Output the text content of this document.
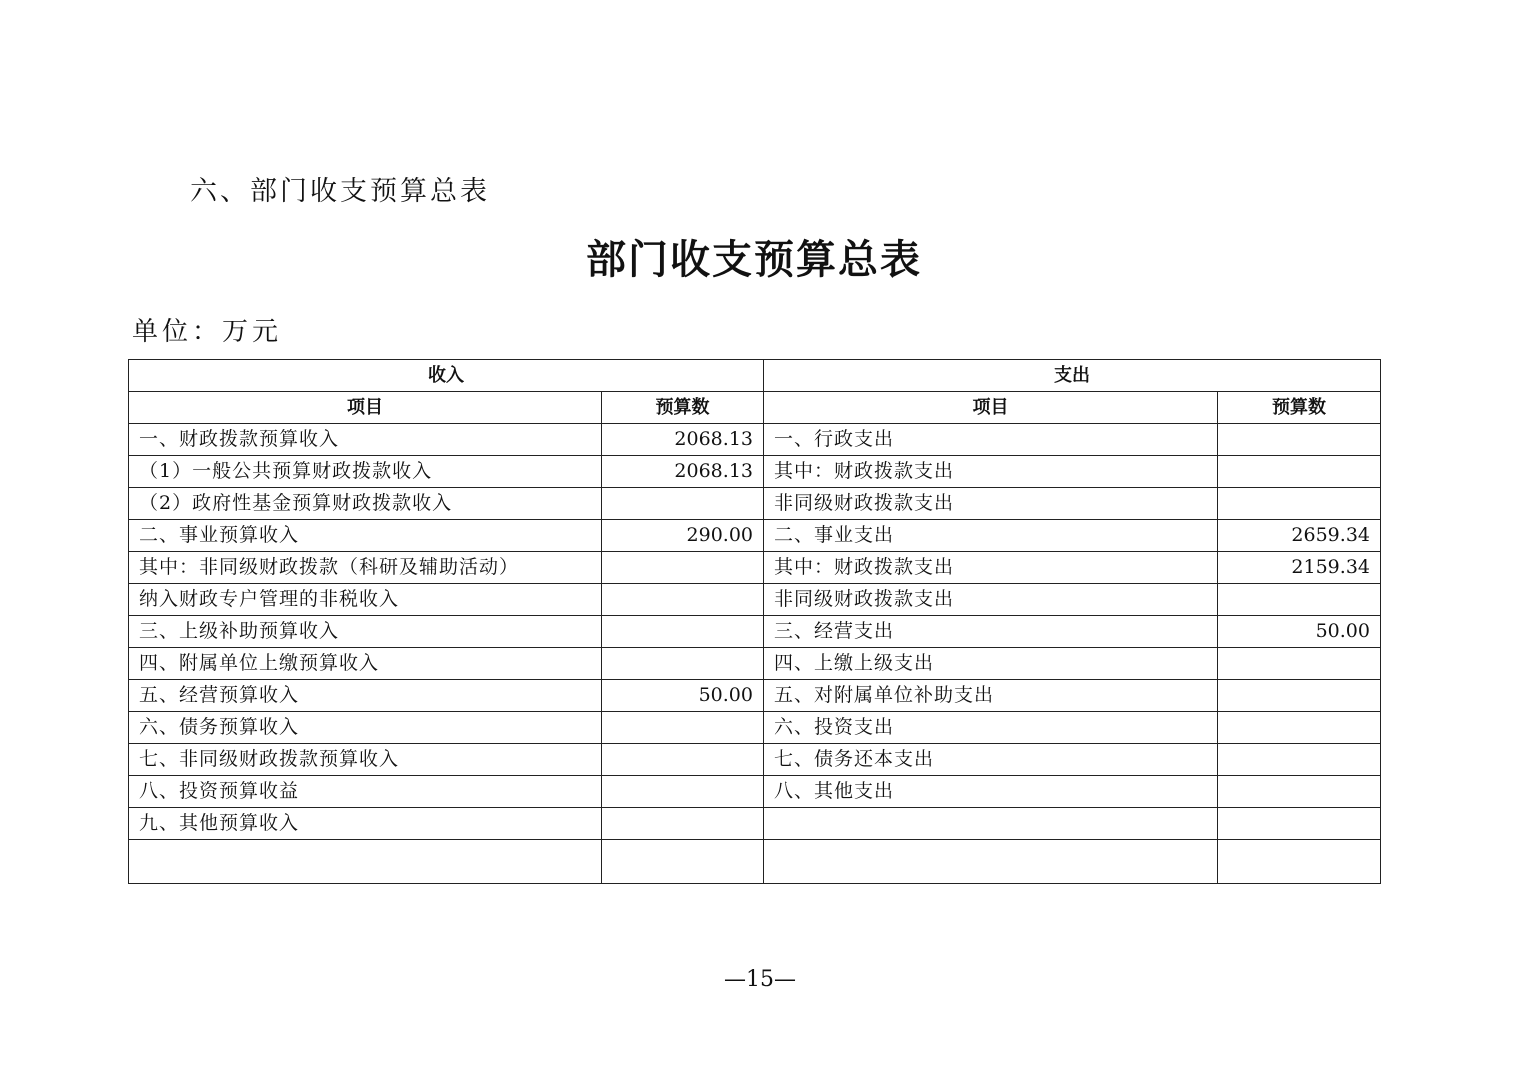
六、部门收支预算总表
部门收支预算总表
单位：万元
收入		支出	
项目	预算数	项目	预算数
一、财政拨款预算收入	2068.13	一、行政支出	
（1）一般公共预算财政拨款收入	2068.13	其中：财政拨款支出	
（2）政府性基金预算财政拨款收入		非同级财政拨款支出	
二、事业预算收入	290.00	二、事业支出	2659.34
其中：非同级财政拨款（科研及辅助活动）		其中：财政拨款支出	2159.34
纳入财政专户管理的非税收入		非同级财政拨款支出	
三、上级补助预算收入		三、经营支出	50.00
四、附属单位上缴预算收入		四、上缴上级支出	
五、经营预算收入	50.00	五、对附属单位补助支出	
六、债务预算收入		六、投资支出	
七、非同级财政拨款预算收入		七、债务还本支出	
八、投资预算收益		八、其他支出	
九、其他预算收入			

—15—
